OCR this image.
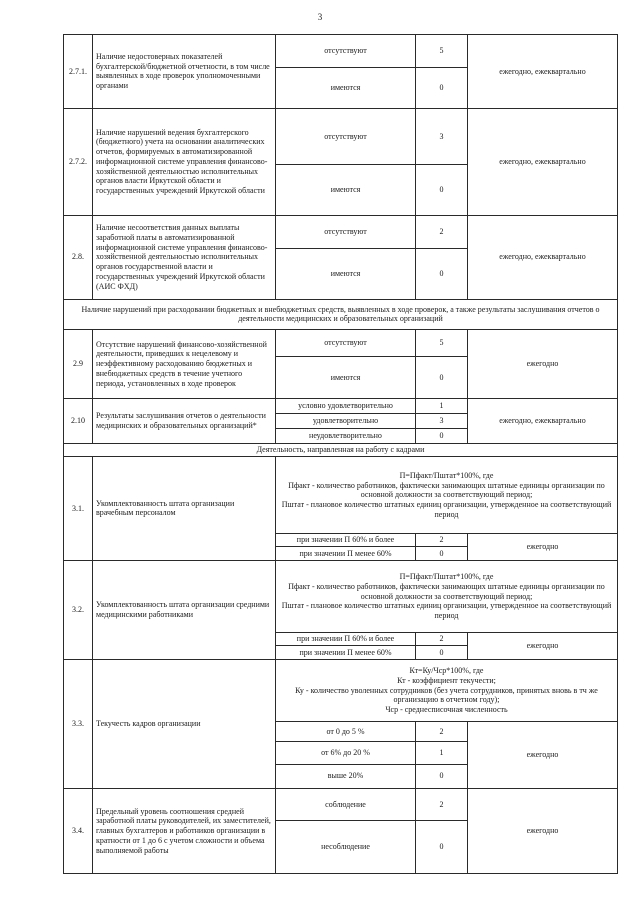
3
2.7.1.	Наличие недостоверных показателей бухгалтерской/бюджетной отчетности, в том числе выявленных в ходе проверок уполномоченными органами	отсутствуют	5	ежегодно, ежеквартально
		имеются	0	
2.7.2.	Наличие нарушений ведения бухгалтерского (бюджетного) учета на основании аналитических отчетов, формируемых в автоматизированной информационной системе управления финансово-хозяйственной деятельностью исполнительных органов власти Иркутской области и государственных учреждений Иркутской области	отсутствуют	3	ежегодно, ежеквартально
		имеются	0	
2.8.	Наличие несоответствия данных выплаты заработной платы в автоматизированной информационной системе управления финансово-хозяйственной деятельностью исполнительных органов государственной власти и государственных учреждений Иркутской области (АИС ФХД)	отсутствуют	2	ежегодно, ежеквартально
		имеются	0	
Наличие нарушений при расходовании бюджетных и внебюджетных средств, выявленных в ходе проверок, а также результаты заслушивания отчетов о деятельности медицинских и образовательных организаций				
2.9	Отсутствие нарушений финансово-хозяйственной деятельности, приведших к нецелевому и неэффективному расходованию бюджетных и внебюджетных средств в течение учетного периода, установленных в ходе проверок	отсутствуют	5	ежегодно
		имеются	0	
2.10	Результаты заслушивания отчетов о деятельности медицинских и образовательных организаций*	условно удовлетворительно	1	ежегодно, ежеквартально
		удовлетворительно	3	
		неудовлетворительно	0	
Деятельность, направленная на работу с кадрами				
3.1.	Укомплектованность штата организации врачебным персоналом	П=Пфакт/Пштат*100%, где
Пфакт - количество работников, фактически занимающих штатные единицы организации по основной должности за соответствующий период;
Пштат - плановое количество штатных единиц организации, утвержденное на соответствующий период		

		при значении П 60% и более	2	ежегодно
		при значении П менее 60%	0	
3.2.	Укомплектованность штата организации средними медицинскими работниками	П=Пфакт/Пштат*100%, где
Пфакт - количество работников, фактически занимающих штатные единицы организации по основной должности за соответствующий период;
Пштат - плановое количество штатных единиц организации, утвержденное на соответствующий период		

		при значении П 60% и более	2	ежегодно
		при значении П менее 60%	0	
3.3.	Текучесть кадров организации	Кт=Ку/Чср*100%, где
Кт - коэффициент текучести;
Ку - количество уволенных сотрудников (без учета сотрудников, принятых вновь в тч же организацию в отчетном году);
Чср - среднесписочная численность		

		от 0 до 5 %	2	ежегодно
		от 6% до 20 %	1	
		выше 20%	0	
3.4.	Предельный уровень соотношения средней заработной платы руководителей, их заместителей, главных бухгалтеров и работников организации в кратности от 1 до 6 с учетом сложности и объема выполняемой работы	соблюдение	2	ежегодно
		несоблюдение	0	
